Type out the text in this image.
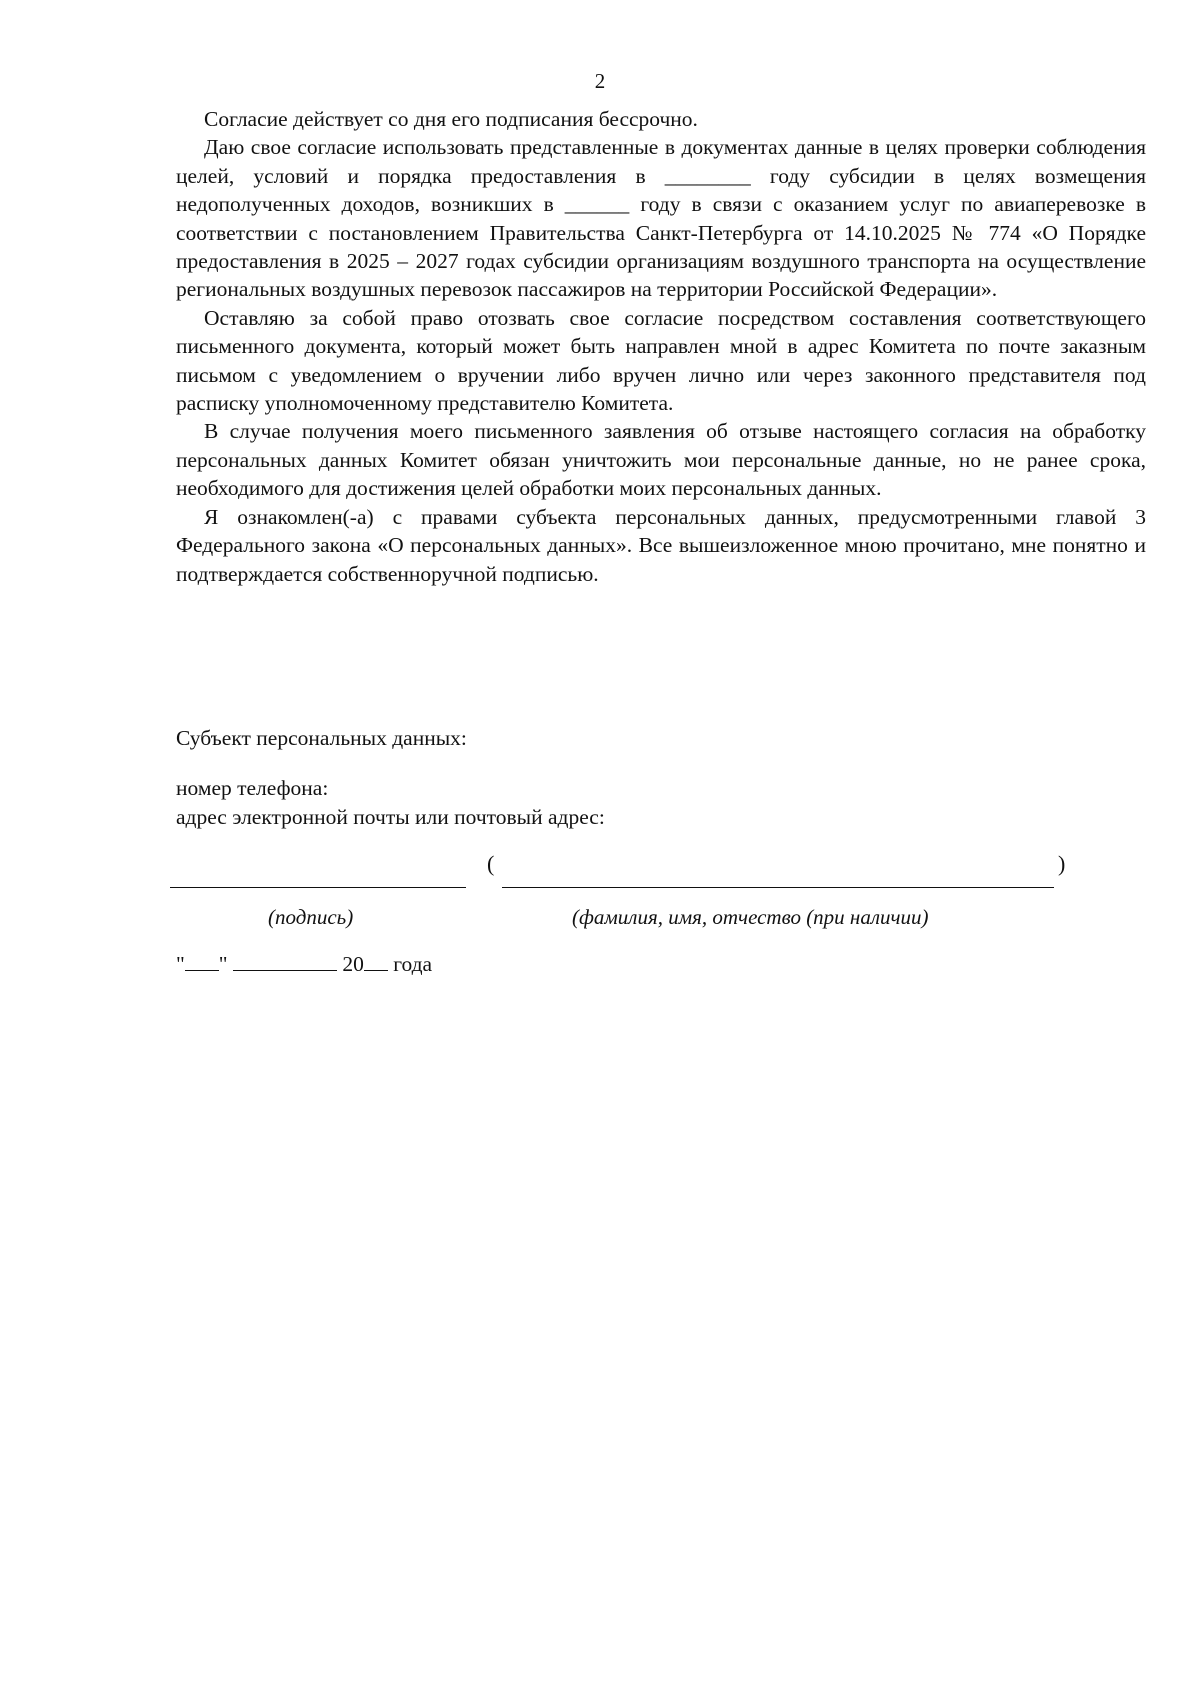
2

Согласие действует со дня его подписания бессрочно.

Даю свое согласие использовать представленные в документах данные в целях проверки соблюдения целей, условий и порядка предоставления в ________ году субсидии в целях возмещения недополученных доходов, возникших в ______ году в связи с оказанием услуг по авиаперевозке в соответствии с постановлением Правительства Санкт-Петербурга от 14.10.2025 № 774 «О Порядке предоставления в 2025 – 2027 годах субсидии организациям воздушного транспорта на осуществление региональных воздушных перевозок пассажиров на территории Российской Федерации».

Оставляю за собой право отозвать свое согласие посредством составления соответствующего письменного документа, который может быть направлен мной в адрес Комитета по почте заказным письмом с уведомлением о вручении либо вручен лично или через законного представителя под расписку уполномоченному представителю Комитета.

В случае получения моего письменного заявления об отзыве настоящего согласия на обработку персональных данных Комитет обязан уничтожить мои персональные данные, но не ранее срока, необходимого для достижения целей обработки моих персональных данных.

Я ознакомлен(-а) с правами субъекта персональных данных, предусмотренными главой 3 Федерального закона «О персональных данных». Все вышеизложенное мною прочитано, мне понятно и подтверждается собственноручной подписью.

Субъект персональных данных:
номер телефона:
адрес электронной почты или почтовый адрес:
(	)
(подпись)	(фамилия, имя, отчество (при наличии)
" "	20 года
